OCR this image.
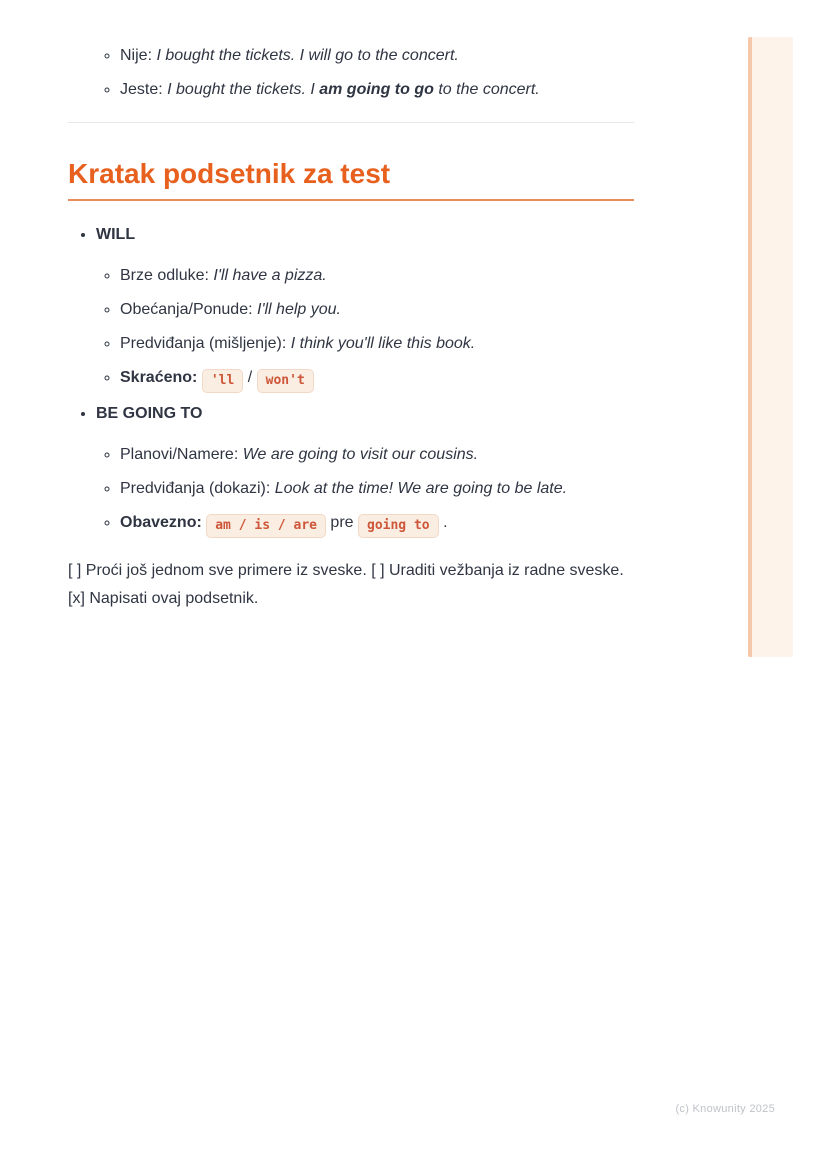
◦ Nije: I bought the tickets. I will go to the concert.
◦ Jeste: I bought the tickets. I am going to go to the concert.
Kratak podsetnik za test
• WILL
◦ Brze odluke: I'll have a pizza.
◦ Obećanja/Ponude: I'll help you.
◦ Predviđanja (mišljenje): I think you'll like this book.
◦ Skraćeno: 'll / won't
• BE GOING TO
◦ Planovi/Namere: We are going to visit our cousins.
◦ Predviđanja (dokazi): Look at the time! We are going to be late.
◦ Obavezno: am / is / are pre going to .

[ ] Proći još jednom sve primere iz sveske. [ ] Uraditi vežbanja iz radne sveske. [x] Napisati ovaj podsetnik.

(c) Knowunity 2025
